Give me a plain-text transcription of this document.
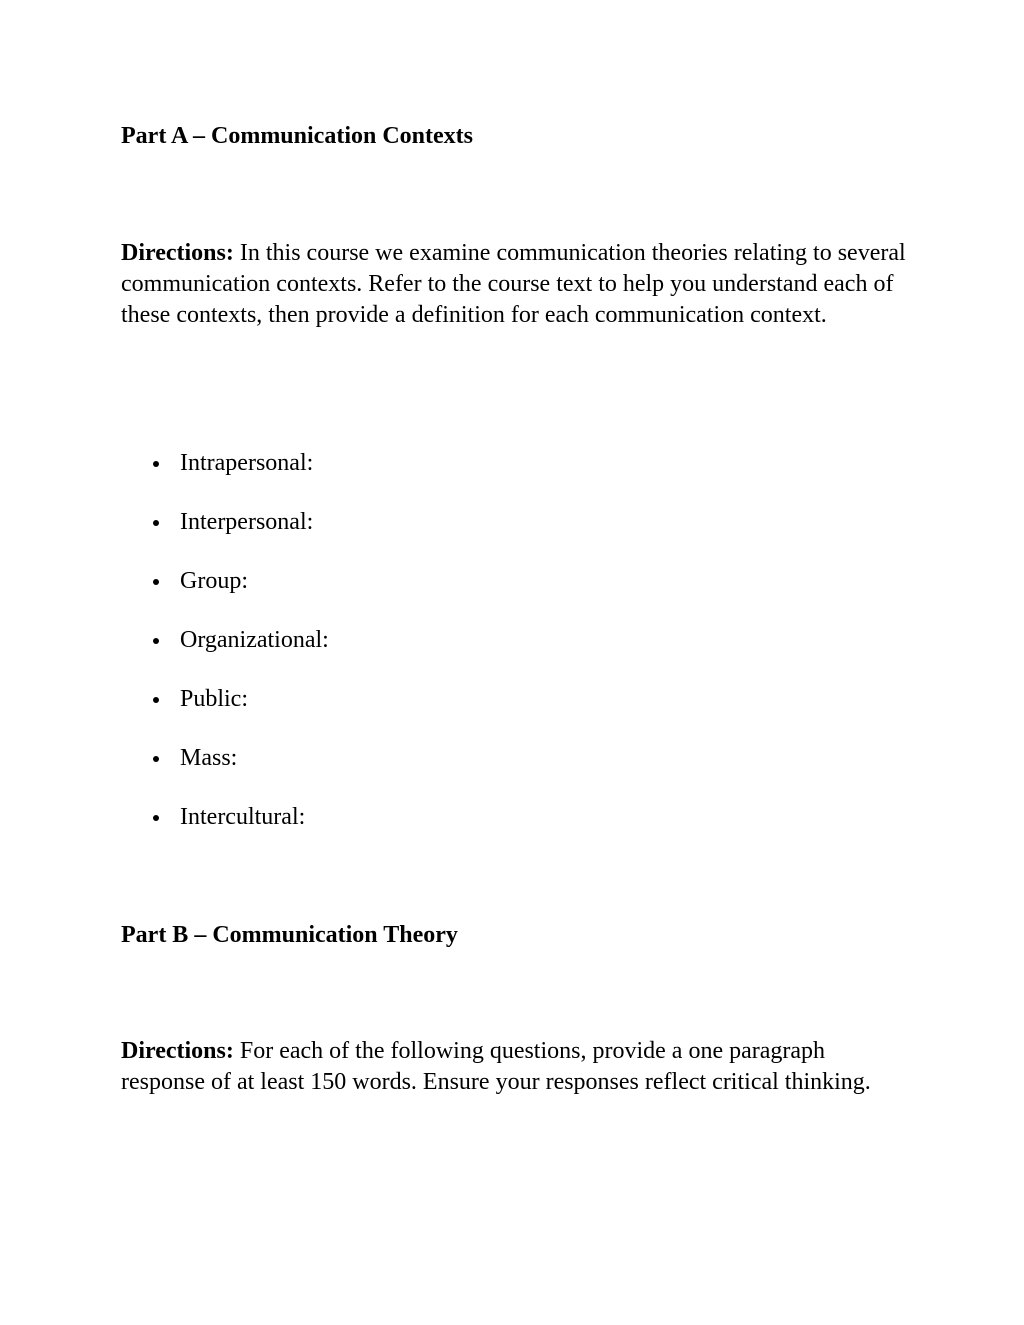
Part A – Communication Contexts

Directions: In this course we examine communication theories relating to several communication contexts. Refer to the course text to help you understand each of these contexts, then provide a definition for each communication context.

Intrapersonal:
Interpersonal:
Group:
Organizational:
Public:
Mass:
Intercultural:
Part B – Communication Theory

Directions: For each of the following questions, provide a one paragraph response of at least 150 words. Ensure your responses reflect critical thinking.
